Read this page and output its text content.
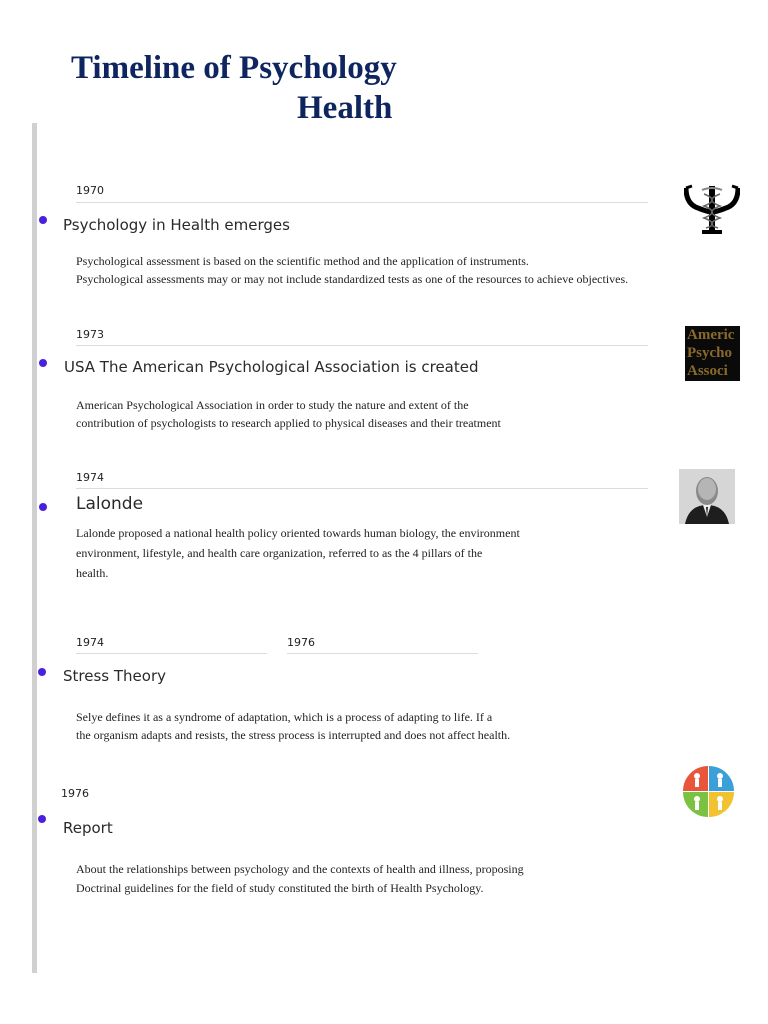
Timeline of Psychology
Health
1970
Psychology in Health emerges

Psychological assessment is based on the scientific method and the application of instruments.

Psychological assessments may or may not include standardized tests as one of the resources to achieve objectives.

1973
USA The American Psychological Association is created

American Psychological Association in order to study the nature and extent of the

contribution of psychologists to research applied to physical diseases and their treatment

Americ
Psycho
Associ
1974
Lalonde

Lalonde proposed a national health policy oriented towards human biology, the environment

environment, lifestyle, and health care organization, referred to as the 4 pillars of the

health.

1974	1976
Stress Theory

Selye defines it as a syndrome of adaptation, which is a process of adapting to life. If a

the organism adapts and resists, the stress process is interrupted and does not affect health.

1976
Report

About the relationships between psychology and the contexts of health and illness, proposing

Doctrinal guidelines for the field of study constituted the birth of Health Psychology.
